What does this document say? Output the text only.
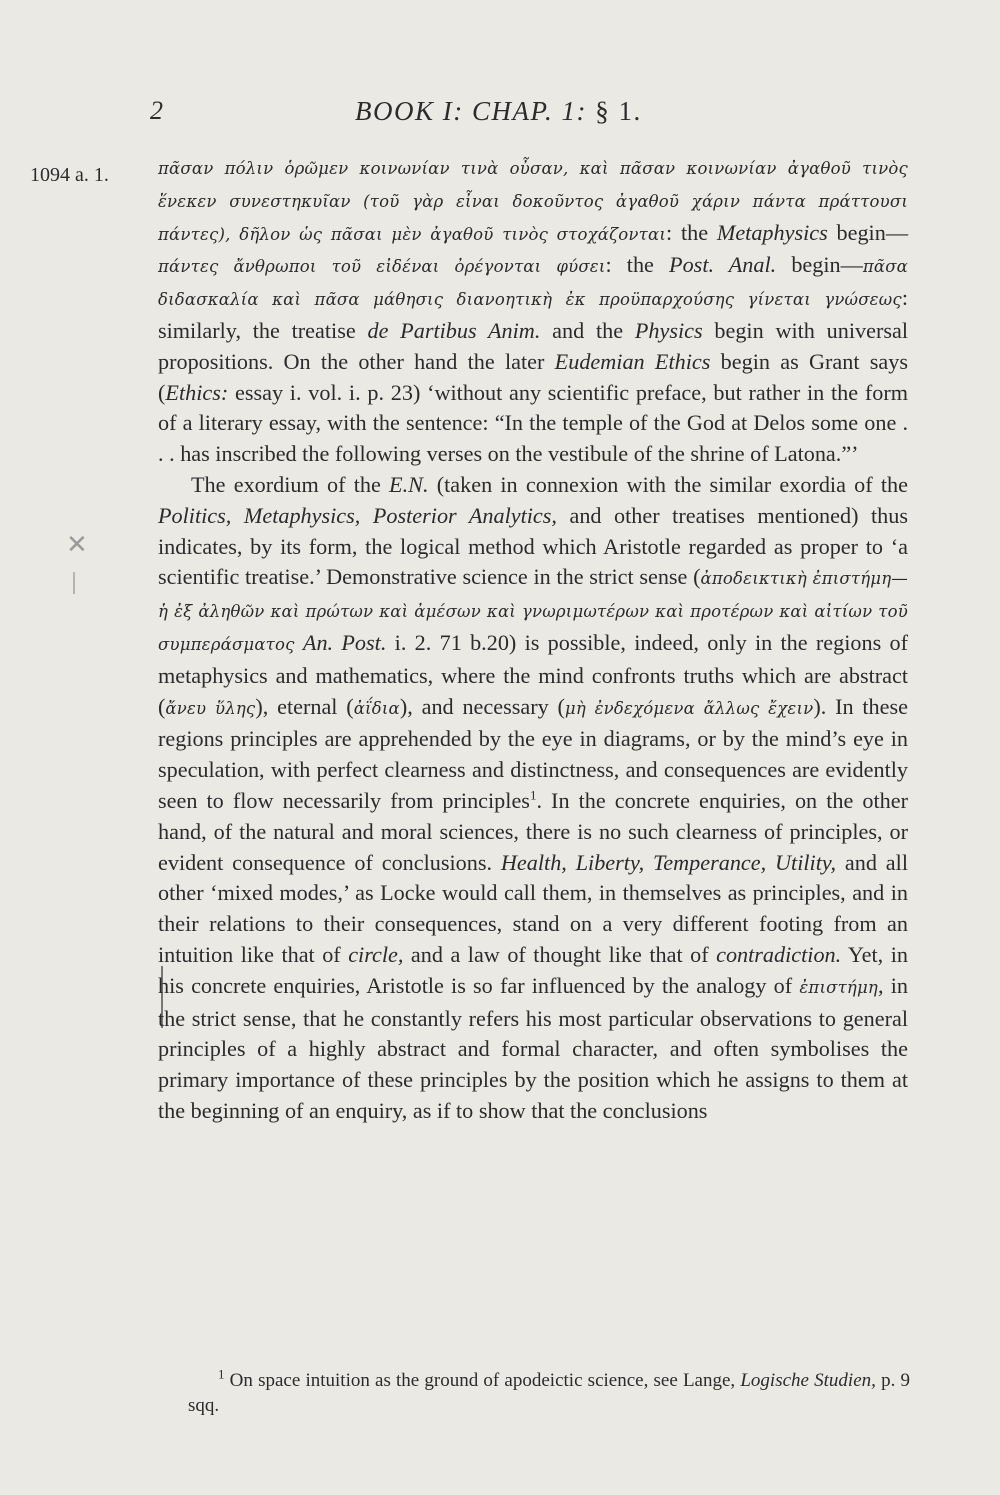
2	BOOK I: CHAP. 1: § 1.
1094 a. 1.
✕

πᾶσαν πόλιν ὁρῶμεν κοινωνίαν τινὰ οὖσαν, καὶ πᾶσαν κοινωνίαν ἀγαθοῦ τινὸς ἕνεκεν συνεστηκυῖαν (τοῦ γὰρ εἶναι δοκοῦντος ἀγαθοῦ χάριν πάντα πράττουσι πάντες), δῆλον ὡς πᾶσαι μὲν ἀγαθοῦ τινὸς στοχάζονται: the Metaphysics begin—πάντες ἄνθρωποι τοῦ εἰδέναι ὀρέγονται φύσει: the Post. Anal. begin—πᾶσα διδασκαλία καὶ πᾶσα μάθησις διανοητικὴ ἐκ προϋπαρχούσης γίνεται γνώσεως: similarly, the treatise de Partibus Anim. and the Physics begin with universal propositions. On the other hand the later Eudemian Ethics begin as Grant says (Ethics: essay i. vol. i. p. 23) ‘without any scientific preface, but rather in the form of a literary essay, with the sentence: “In the temple of the God at Delos some one . . . has inscribed the following verses on the vestibule of the shrine of Latona.”’

The exordium of the E.N. (taken in connexion with the similar exordia of the Politics, Metaphysics, Posterior Analytics, and other treatises mentioned) thus indicates, by its form, the logical method which Aristotle regarded as proper to ‘a scientific treatise.’ Demonstrative science in the strict sense (ἀποδεικτικὴ ἐπιστήμη—ἡ ἐξ ἀληθῶν καὶ πρώτων καὶ ἀμέσων καὶ γνωριμωτέρων καὶ προτέρων καὶ αἰτίων τοῦ συμπεράσματος An. Post. i. 2. 71 b.20) is possible, indeed, only in the regions of metaphysics and mathematics, where the mind confronts truths which are abstract (ἄνευ ὕλης), eternal (ἀΐδια), and necessary (μὴ ἐνδεχόμενα ἄλλως ἔχειν). In these regions principles are apprehended by the eye in diagrams, or by the mind’s eye in speculation, with perfect clearness and distinctness, and consequences are evidently seen to flow necessarily from principles$^1$. In the concrete enquiries, on the other hand, of the natural and moral sciences, there is no such clearness of principles, or evident consequence of conclusions. Health, Liberty, Temperance, Utility, and all other ‘mixed modes,’ as Locke would call them, in themselves as principles, and in their relations to their consequences, stand on a very different footing from an intuition like that of circle, and a law of thought like that of contradiction. Yet, in his concrete enquiries, Aristotle is so far influenced by the analogy of ἐπιστήμη, in the strict sense, that he constantly refers his most particular observations to general principles of a highly abstract and formal character, and often symbolises the primary importance of these principles by the position which he assigns to them at the beginning of an enquiry, as if to show that the conclusions

$^1$ On space intuition as the ground of apodeictic science, see Lange, Logische Studien, p. 9 sqq.
